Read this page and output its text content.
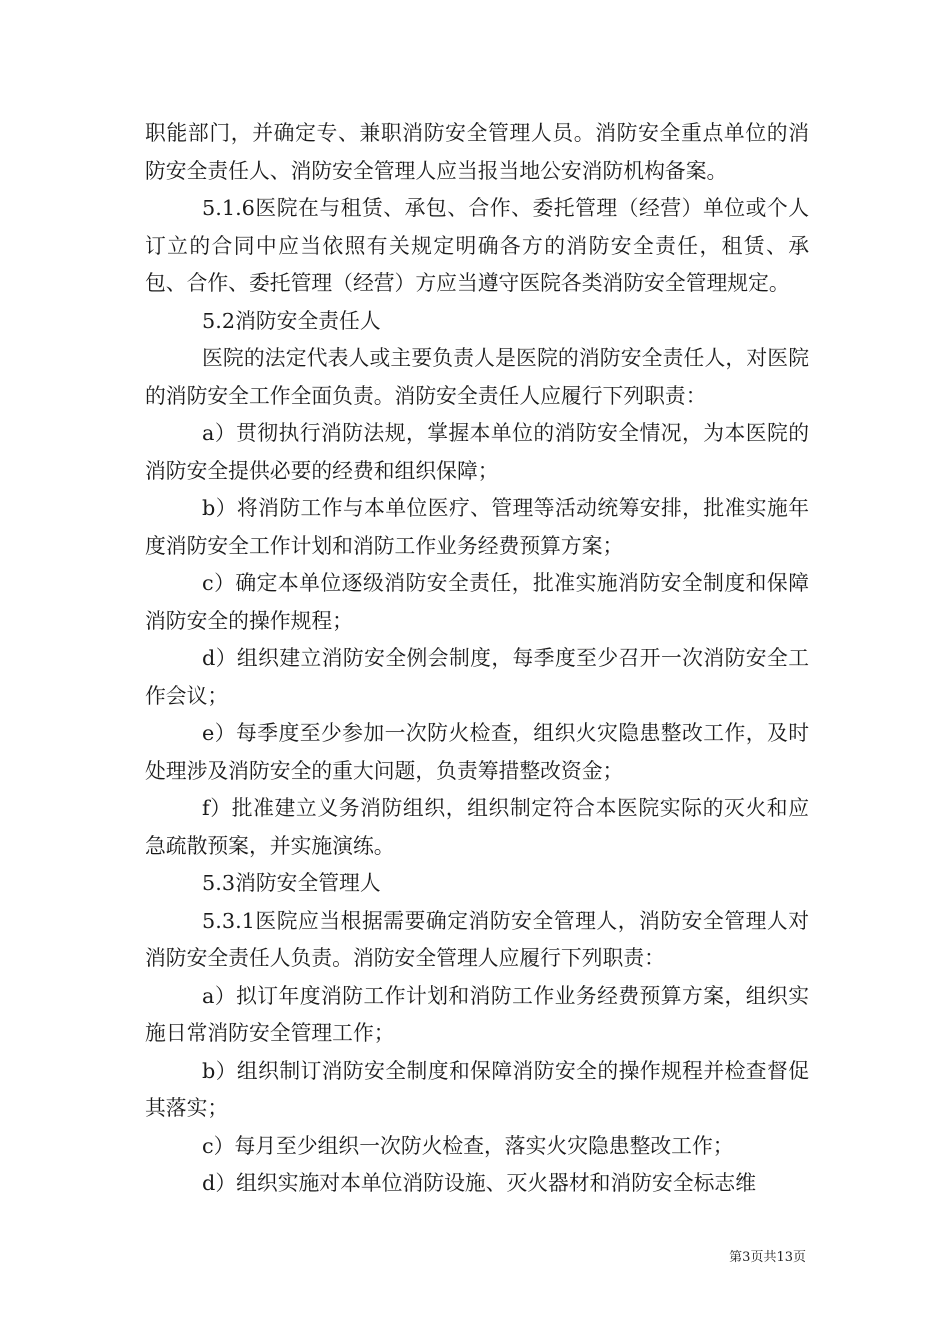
职能部门，并确定专、兼职消防安全管理人员。消防安全重点单位的消防安全责任人、消防安全管理人应当报当地公安消防机构备案。

5.1.6医院在与租赁、承包、合作、委托管理（经营）单位或个人订立的合同中应当依照有关规定明确各方的消防安全责任，租赁、承包、合作、委托管理（经营）方应当遵守医院各类消防安全管理规定。

5.2消防安全责任人

医院的法定代表人或主要负责人是医院的消防安全责任人，对医院的消防安全工作全面负责。消防安全责任人应履行下列职责：

a）贯彻执行消防法规，掌握本单位的消防安全情况，为本医院的消防安全提供必要的经费和组织保障；

b）将消防工作与本单位医疗、管理等活动统筹安排，批准实施年度消防安全工作计划和消防工作业务经费预算方案；

c）确定本单位逐级消防安全责任，批准实施消防安全制度和保障消防安全的操作规程；

d）组织建立消防安全例会制度，每季度至少召开一次消防安全工作会议；

e）每季度至少参加一次防火检查，组织火灾隐患整改工作，及时处理涉及消防安全的重大问题，负责筹措整改资金；

f）批准建立义务消防组织，组织制定符合本医院实际的灭火和应急疏散预案，并实施演练。

5.3消防安全管理人

5.3.1医院应当根据需要确定消防安全管理人，消防安全管理人对消防安全责任人负责。消防安全管理人应履行下列职责：

a）拟订年度消防工作计划和消防工作业务经费预算方案，组织实施日常消防安全管理工作；

b）组织制订消防安全制度和保障消防安全的操作规程并检查督促其落实；

c）每月至少组织一次防火检查，落实火灾隐患整改工作；

d）组织实施对本单位消防设施、灭火器材和消防安全标志维

第3页共13页
